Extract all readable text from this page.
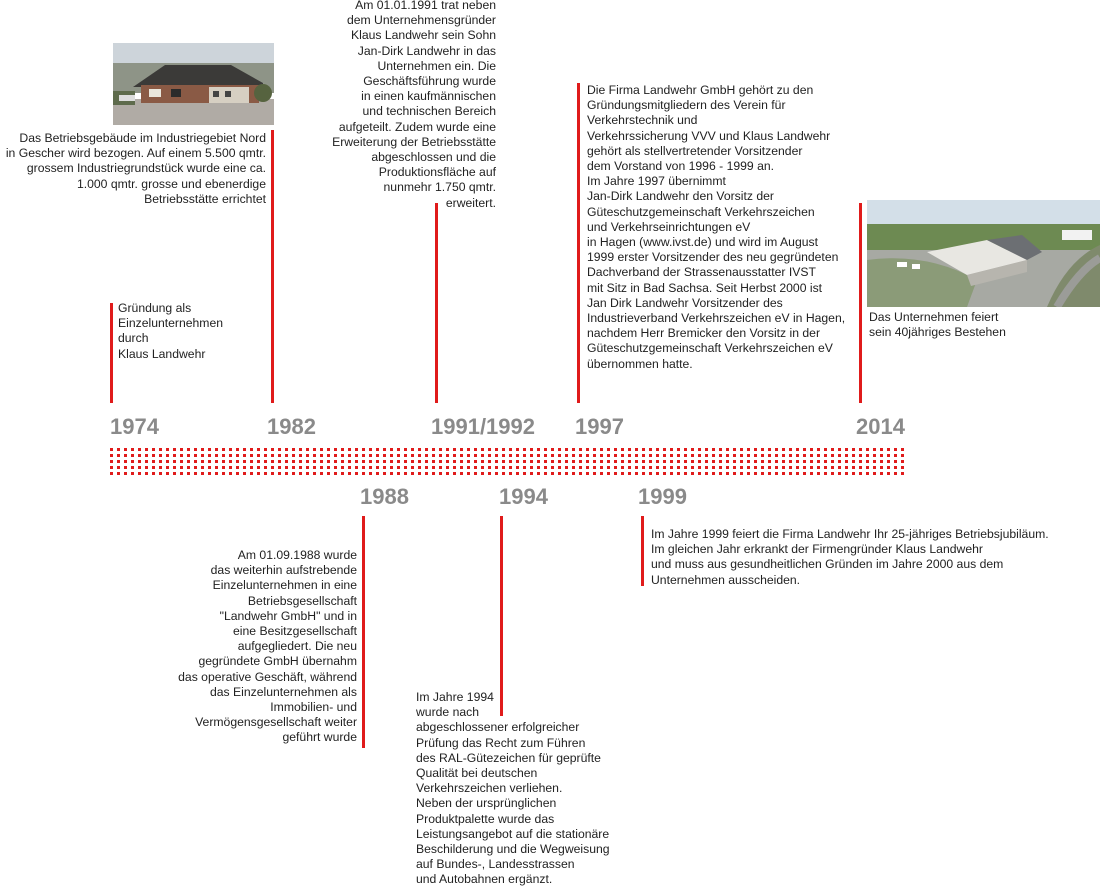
1974	1982	1991/1992 1997	2014
1988	1994	1999
Gründung als
Einzelunternehmen
durch
Klaus Landwehr
Das Betriebsgebäude im Industriegebiet Nord
in Gescher wird bezogen. Auf einem 5.500 qmtr.
grossem Industriegrundstück wurde eine ca.
1.000 qmtr. grosse und ebenerdige
Betriebsstätte errichtet
Am 01.01.1991 trat neben
dem Unternehmensgründer
Klaus Landwehr sein Sohn
Jan-Dirk Landwehr in das
Unternehmen ein. Die
Geschäftsführung wurde
in einen kaufmännischen
und technischen Bereich
aufgeteilt. Zudem wurde eine
Erweiterung der Betriebsstätte
abgeschlossen und die
Produktionsfläche auf
nunmehr 1.750 qmtr.
erweitert.
Die Firma Landwehr GmbH gehört zu den
Gründungsmitgliedern des Verein für
Verkehrstechnik und
Verkehrssicherung VVV und Klaus Landwehr
gehört als stellvertretender Vorsitzender
dem Vorstand von 1996 - 1999 an.
Im Jahre 1997 übernimmt
Jan-Dirk Landwehr den Vorsitz der
Güteschutzgemeinschaft Verkehrszeichen
und Verkehrseinrichtungen eV
in Hagen (www.ivst.de) und wird im August
1999 erster Vorsitzender des neu gegründeten
Dachverband der Strassenausstatter IVST
mit Sitz in Bad Sachsa. Seit Herbst 2000 ist
Jan Dirk Landwehr Vorsitzender des
Industrieverband Verkehrszeichen eV in Hagen,
nachdem Herr Bremicker den Vorsitz in der
Güteschutzgemeinschaft Verkehrszeichen eV
übernommen hatte.
Das Unternehmen feiert
sein 40jähriges Bestehen
Am 01.09.1988 wurde
das weiterhin aufstrebende
Einzelunternehmen in eine
Betriebsgesellschaft
"Landwehr GmbH" und in
eine Besitzgesellschaft
aufgegliedert. Die neu
gegründete GmbH übernahm
das operative Geschäft, während
das Einzelunternehmen als
Immobilien- und
Vermögensgesellschaft weiter
geführt wurde
Im Jahre 1994
wurde nach
abgeschlossener erfolgreicher
Prüfung das Recht zum Führen
des RAL-Gütezeichen für geprüfte
Qualität bei deutschen
Verkehrszeichen verliehen.
Neben der ursprünglichen
Produktpalette wurde das
Leistungsangebot auf die stationäre
Beschilderung und die Wegweisung
auf Bundes-, Landesstrassen
und Autobahnen ergänzt.
Im Jahre 1999 feiert die Firma Landwehr Ihr 25-jähriges Betriebsjubiläum.
Im gleichen Jahr erkrankt der Firmengründer Klaus Landwehr
und muss aus gesundheitlichen Gründen im Jahre 2000 aus dem
Unternehmen ausscheiden.
